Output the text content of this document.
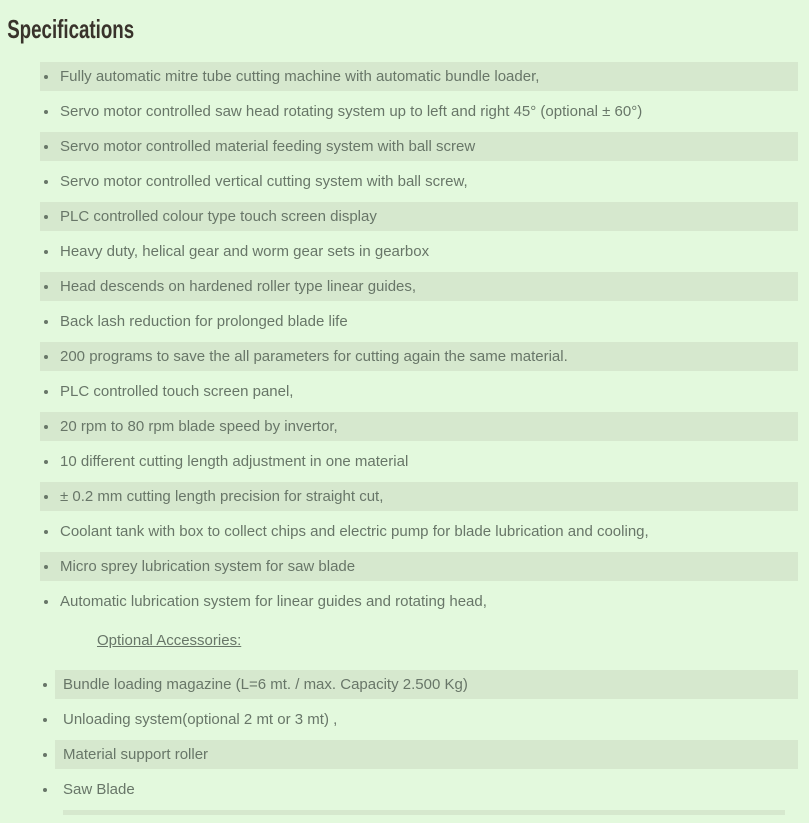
Specifications
Fully automatic mitre tube cutting machine with automatic bundle loader,
Servo motor controlled saw head rotating system up to left and right 45° (optional ± 60°)
Servo motor controlled material feeding system with ball screw
Servo motor controlled vertical cutting system with ball screw,
PLC controlled colour type touch screen display
Heavy duty, helical gear and worm gear sets in gearbox
Head descends on hardened roller type linear guides,
Back lash reduction for prolonged blade life
200 programs to save the all parameters for cutting again the same material.
PLC controlled touch screen panel,
20 rpm to 80 rpm blade speed by invertor,
10 different cutting length adjustment in one material
± 0.2 mm cutting length precision for straight cut,
Coolant tank with box to collect chips and electric pump for blade lubrication and cooling,
Micro sprey lubrication system for saw blade
Automatic lubrication system for linear guides and rotating head,
Optional Accessories:
Bundle loading magazine (L=6 mt. / max. Capacity 2.500 Kg)
Unloading system(optional 2 mt or 3 mt) ,
Material support roller
Saw Blade
